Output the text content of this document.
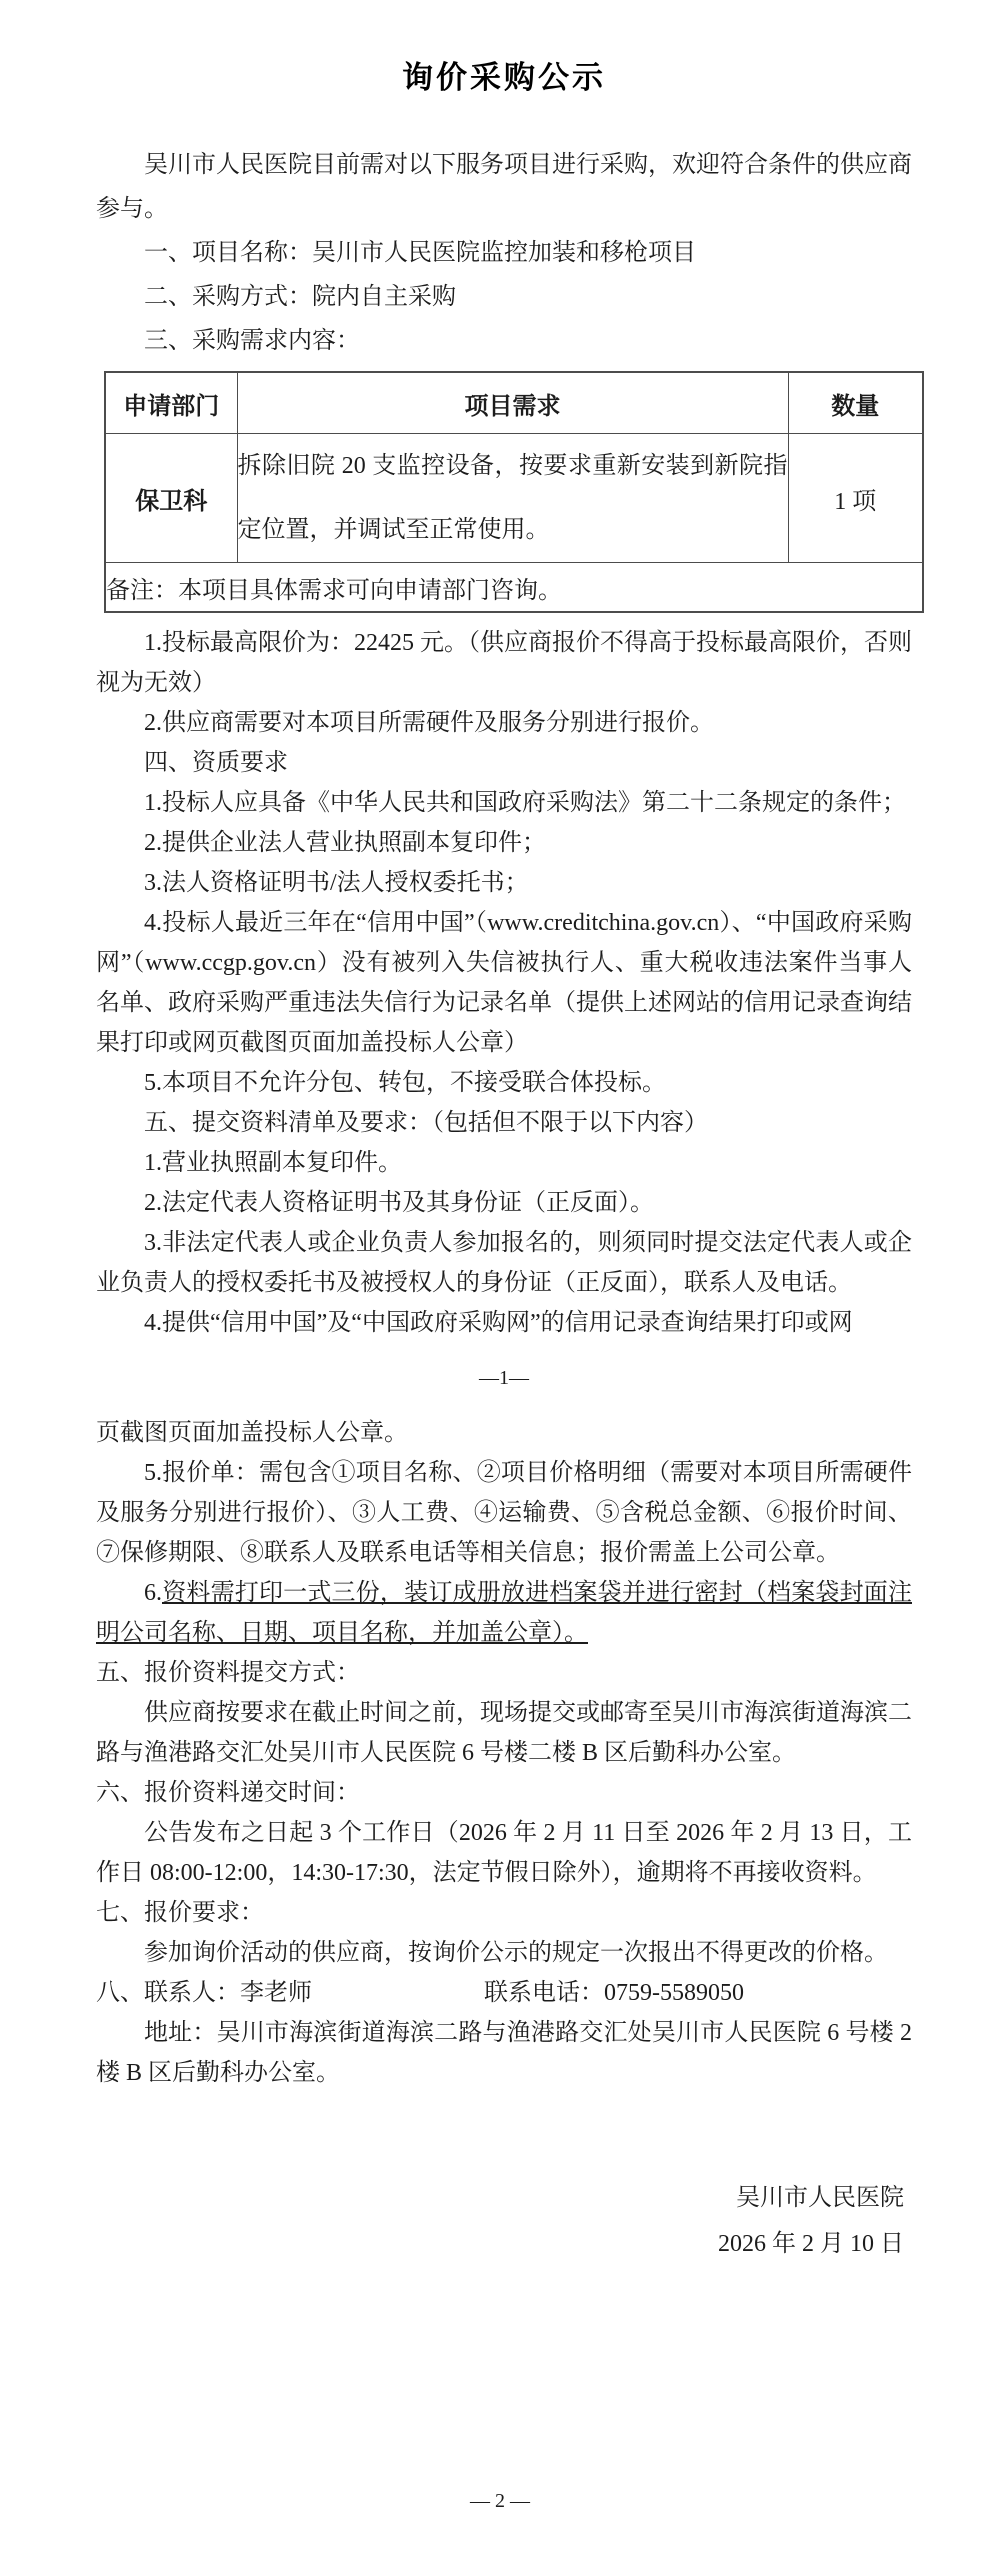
询价采购公示

吴川市人民医院目前需对以下服务项目进行采购，欢迎符合条件的供应商参与。

一、项目名称：吴川市人民医院监控加装和移枪项目

二、采购方式：院内自主采购

三、采购需求内容：

申请部门	项目需求	数量
保卫科	拆除旧院 20 支监控设备，按要求重新安装到新院指定位置，并调试至正常使用。	1 项
备注：本项目具体需求可向申请部门咨询。		

1.投标最高限价为：22425 元。（供应商报价不得高于投标最高限价，否则视为无效）

2.供应商需要对本项目所需硬件及服务分别进行报价。

四、资质要求

1.投标人应具备《中华人民共和国政府采购法》第二十二条规定的条件；

2.提供企业法人营业执照副本复印件；

3.法人资格证明书/法人授权委托书；

4.投标人最近三年在“信用中国”（www.creditchina.gov.cn）、“中国政府采购网”（www.ccgp.gov.cn）没有被列入失信被执行人、重大税收违法案件当事人名单、政府采购严重违法失信行为记录名单（提供上述网站的信用记录查询结果打印或网页截图页面加盖投标人公章）

5.本项目不允许分包、转包，不接受联合体投标。

五、提交资料清单及要求：（包括但不限于以下内容）

1.营业执照副本复印件。

2.法定代表人资格证明书及其身份证（正反面）。

3.非法定代表人或企业负责人参加报名的，则须同时提交法定代表人或企业负责人的授权委托书及被授权人的身份证（正反面），联系人及电话。

4.提供“信用中国”及“中国政府采购网”的信用记录查询结果打印或网

—1—

页截图页面加盖投标人公章。

5.报价单：需包含①项目名称、②项目价格明细（需要对本项目所需硬件及服务分别进行报价）、③人工费、④运输费、⑤含税总金额、⑥报价时间、⑦保修期限、⑧联系人及联系电话等相关信息；报价需盖上公司公章。

6.资料需打印一式三份，装订成册放进档案袋并进行密封（档案袋封面注明公司名称、日期、项目名称，并加盖公章）。

五、报价资料提交方式：

供应商按要求在截止时间之前，现场提交或邮寄至吴川市海滨街道海滨二路与渔港路交汇处吴川市人民医院 6 号楼二楼 B 区后勤科办公室。

六、报价资料递交时间：

公告发布之日起 3 个工作日（2026 年 2 月 11 日至 2026 年 2 月 13 日，工作日 08:00-12:00，14:30-17:30，法定节假日除外），逾期将不再接收资料。

七、报价要求：

参加询价活动的供应商，按询价公示的规定一次报出不得更改的价格。

八、联系人：李老师	联系电话：0759-5589050

地址：吴川市海滨街道海滨二路与渔港路交汇处吴川市人民医院 6 号楼 2 楼 B 区后勤科办公室。

吴川市人民医院

2026 年 2 月 10 日

— 2 —
